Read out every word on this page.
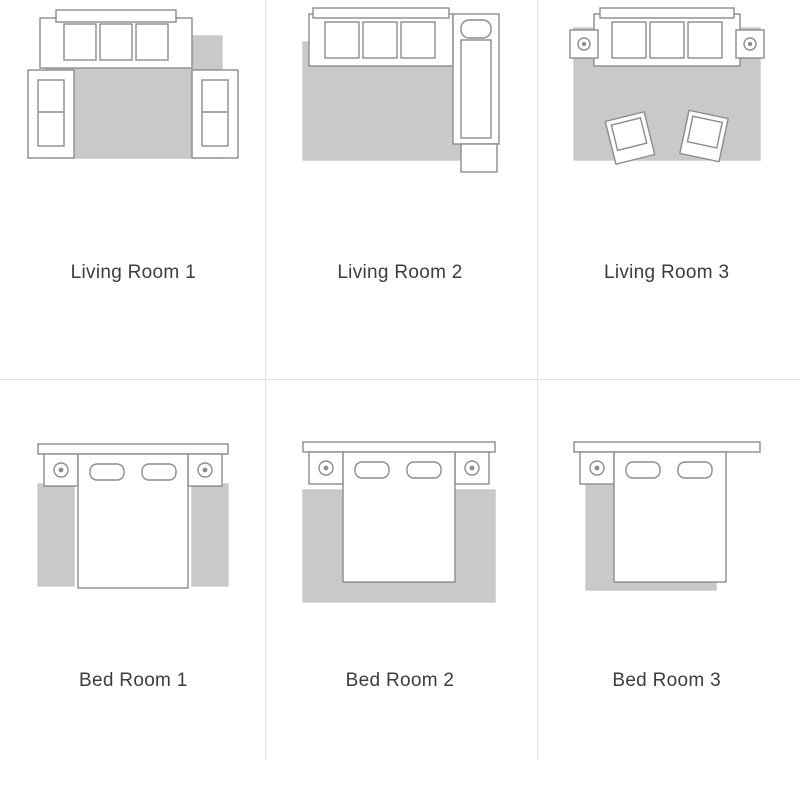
Living Room 1	Living Room 2	Living Room 3
Bed Room 1	Bed Room 2	Bed Room 3
